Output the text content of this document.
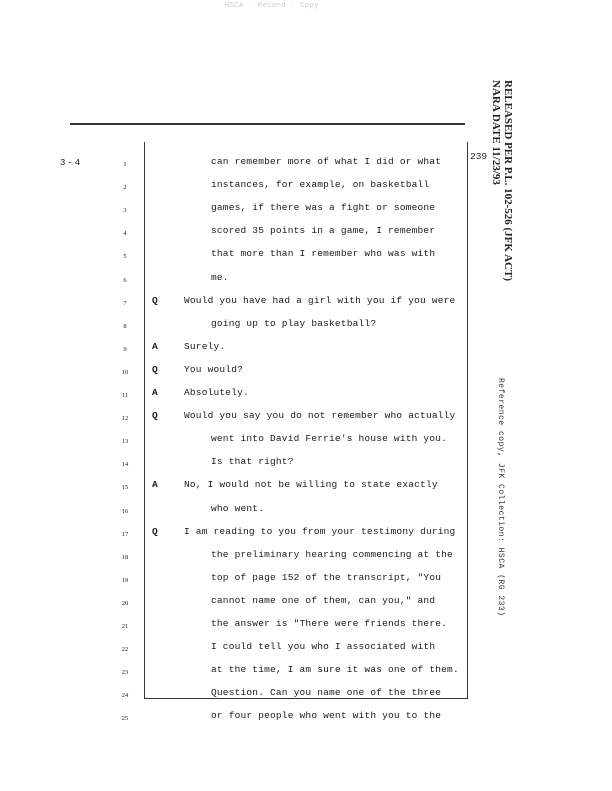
HSCA · Record · Copy
RELEASED PER P.L. 102-526 (JFK ACT)
NARA DATE 11/23/93
3-4
239
Reference copy, JFK Collection: HSCA (RG 233)
1	can remember more of what I did or what
2	instances, for example, on basketball
3	games, if there was a fight or someone
4	scored 35 points in a game, I remember
5	that more than I remember who was with
6	me.
7	Q	Would you have had a girl with you if you were
8	going up to play basketball?
9	A	Surely.
10	Q	You would?
11	A	Absolutely.
12	Q	Would you say you do not remember who actually
13	went into David Ferrie's house with you.
14	Is that right?
15	A	No, I would not be willing to state exactly
16	who went.
17	Q	I am reading to you from your testimony during
18	the preliminary hearing commencing at the
19	top of page 152 of the transcript, "You
20	cannot name one of them, can you," and
21	the answer is "There were friends there.
22	I could tell you who I associated with
23	at the time, I am sure it was one of them.
24	Question. Can you name one of the three
25	or four people who went with you to the
